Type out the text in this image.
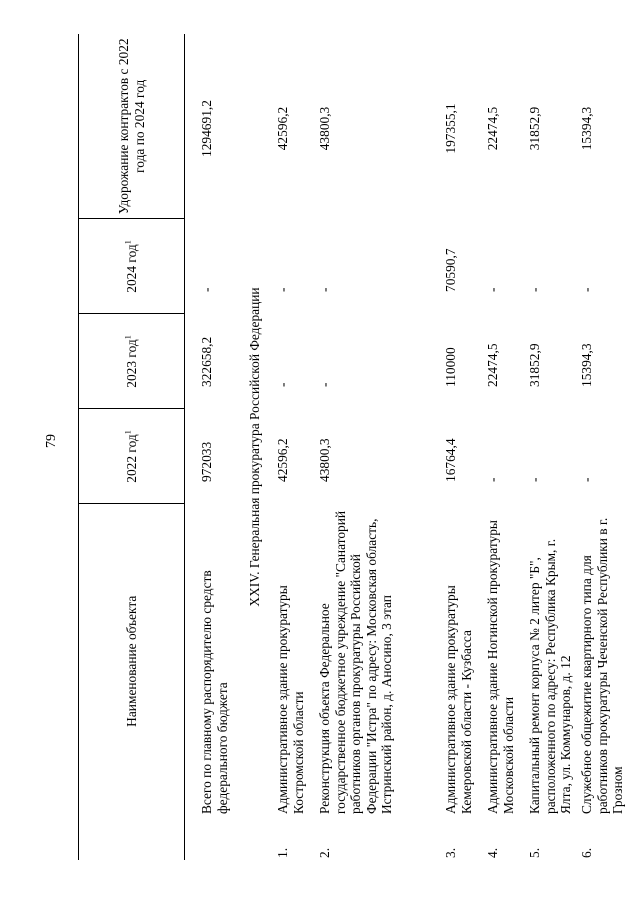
79
	Наименование объекта	2022 год$^1$	2023 год$^1$	2024 год$^1$	Удорожание контрактов с 2022 года по 2024 год
	Всего по главному распорядителю средств федерального бюджета	972033	322658,2	-	1294691,2
XXIV. Генеральная прокуратура Российской Федерации					
1.	Административное здание прокуратуры Костромской области	42596,2	-	-	42596,2
2.	Реконструкция объекта Федеральное государственное бюджетное учреждение "Санаторий работников органов прокуратуры Российской Федерации "Истра" по адресу: Московская область, Истринский район, д. Аносино, 3 этап	43800,3	-	-	43800,3
3.	Административное здание прокуратуры Кемеровской области - Кузбасса	16764,4	110000	70590,7	197355,1
4.	Административное здание Ногинской прокуратуры Московской области	-	22474,5	-	22474,5
5.	Капитальный ремонт корпуса № 2 литер "Б", расположенного по адресу: Республика Крым, г. Ялта, ул. Коммунаров, д. 12	-	31852,9	-	31852,9
6.	Служебное общежитие квартирного типа для работников прокуратуры Чеченской Республики в г. Грозном	-	15394,3	-	15394,3
